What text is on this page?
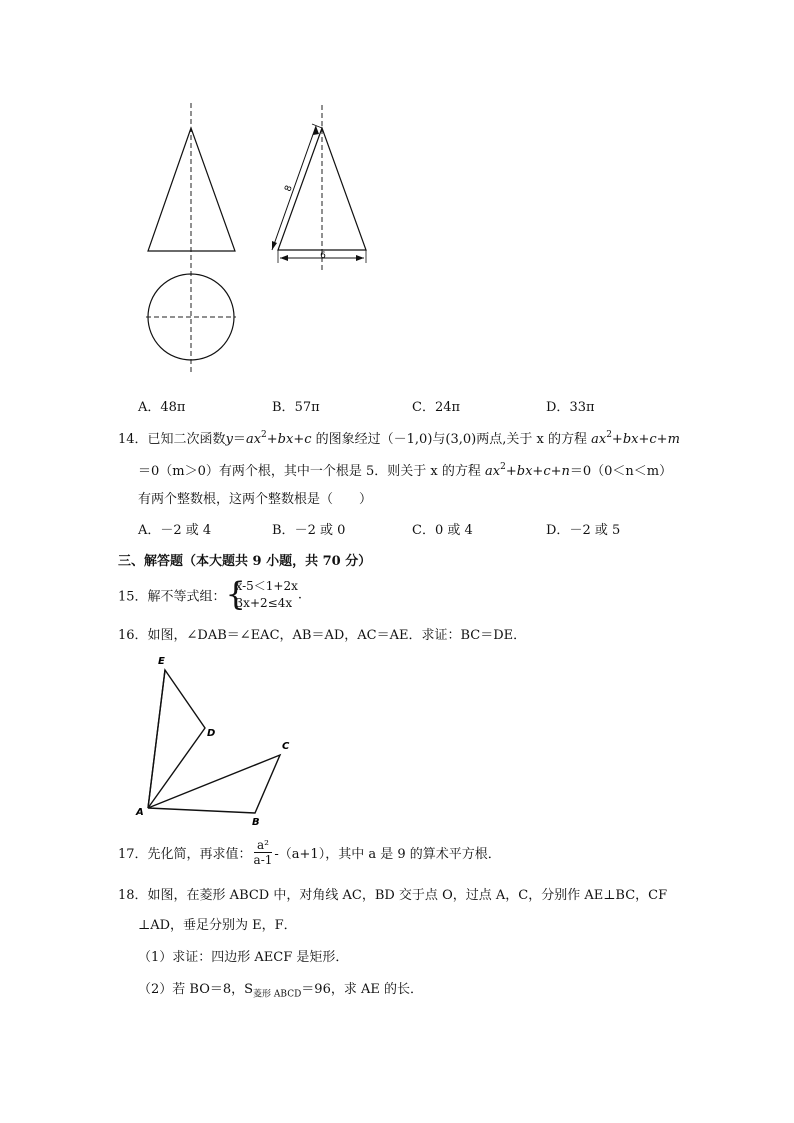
8
6
A．48π	B．57π	C．24π	D．33π
14．已知二次函数$y=ax^2+bx+c$ 的图象经过（－1,0)与(3,0)两点,关于 x 的方程 $ax^2+bx+c+m$
＝0（m＞0）有两个根，其中一个根是 5．则关于 x 的方程 $ax^2+bx+c+n=0(0<n<m)$
有两个整数根，这两个整数根是（　　）
A．－2 或 4	B．－2 或 0	C．0 或 4	D．－2 或 5
三、解答题（本大题共 9 小题，共 70 分）
15．解不等式组： {
x-5＜1+2x
3x+2≤4x
.
16．如图，∠DAB＝∠EAC，AB＝AD，AC＝AE．求证：BC＝DE．
E
D
C
A
B
17．先化简，再求值： $\frac{\text{a²}}{a-1} -(a+1)$，其中 a 是 9 的算术平方根．
18．如图，在菱形 ABCD 中，对角线 AC，BD 交于点 O，过点 A，C，分别作 AE⊥BC，CF
⊥AD，垂足分别为 E，F．
（1）求证：四边形 AECF 是矩形．
（2）若 BO＝8，$S_{菱形 ABCD}=96$，求 AE 的长．
